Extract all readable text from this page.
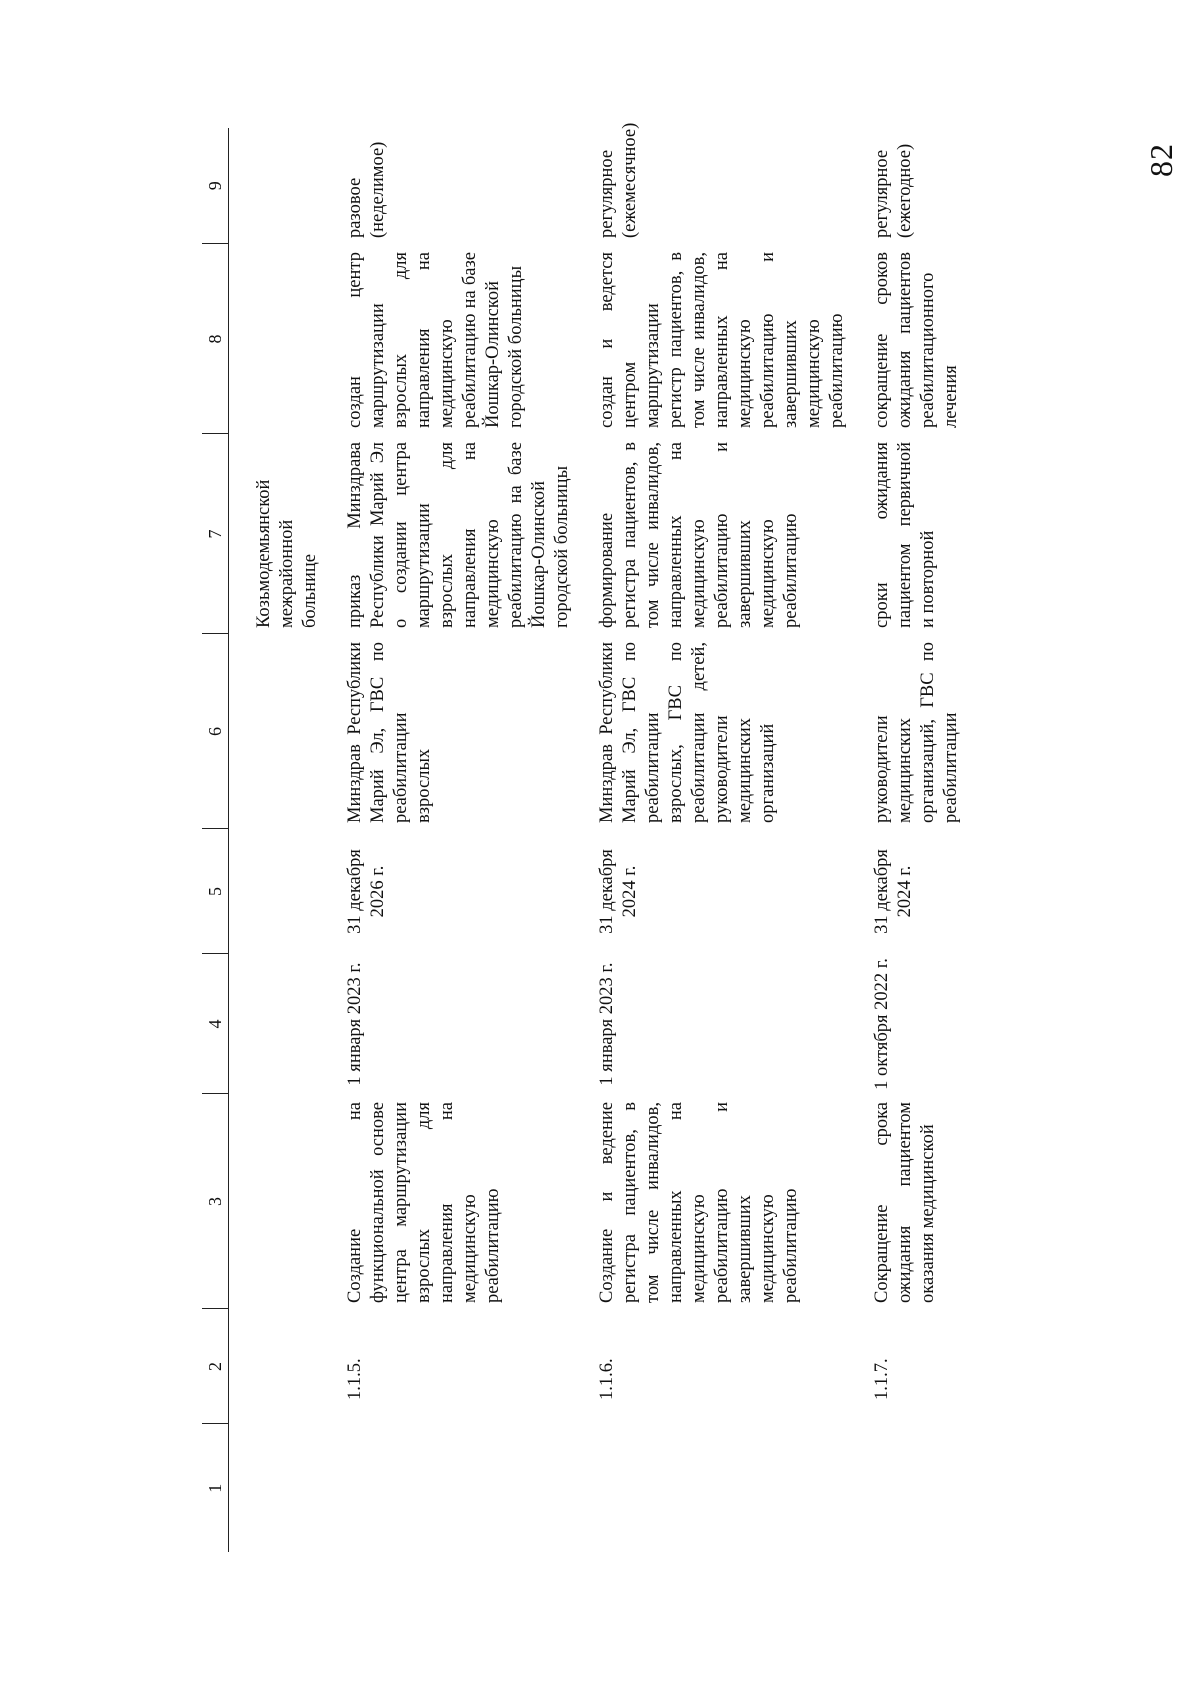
82
1	2	3	4	5	6	7	8	9
						Козьмодемьянской межрайонной больнице		

	1.1.5.	Создание на функциональной основе центра маршрутизации взрослых для направления на медицинскую реабилитацию	1 января 2023 г.	31 декабря 2026 г.	Минздрав Республики Марий Эл, ГВС по реабилитации взрослых	приказ Минздрава Республики Марий Эл о создании центра маршрутизации взрослых для направления на медицинскую реабилитацию на базе Йошкар-Олинской городской больницы	создан центр маршрутизации взрослых для направления на медицинскую реабилитацию на базе Йошкар-Олинской городской больницы	разовое (неделимое)

	1.1.6.	Создание и ведение регистра пациентов, в том числе инвалидов, направленных на медицинскую реабилитацию и завершивших медицинскую реабилитацию	1 января 2023 г.	31 декабря 2024 г.	Минздрав Республики Марий Эл, ГВС по реабилитации взрослых, ГВС по реабилитации детей, руководители медицинских организаций	формирование регистра пациентов, в том числе инвалидов, направленных на медицинскую реабилитацию и завершивших медицинскую реабилитацию	создан и ведется центром маршрутизации регистр пациентов, в том числе инвалидов, направленных на медицинскую реабилитацию и завершивших медицинскую реабилитацию	регулярное (ежемесячное)

	1.1.7.	Сокращение срока ожидания пациентом оказания медицинской	1 октября 2022 г.	31 декабря 2024 г.	руководители медицинских организаций, ГВС по реабилитации	сроки ожидания пациентом первичной и повторной	сокращение сроков ожидания пациентов реабилитационного лечения	регулярное (ежегодное)
